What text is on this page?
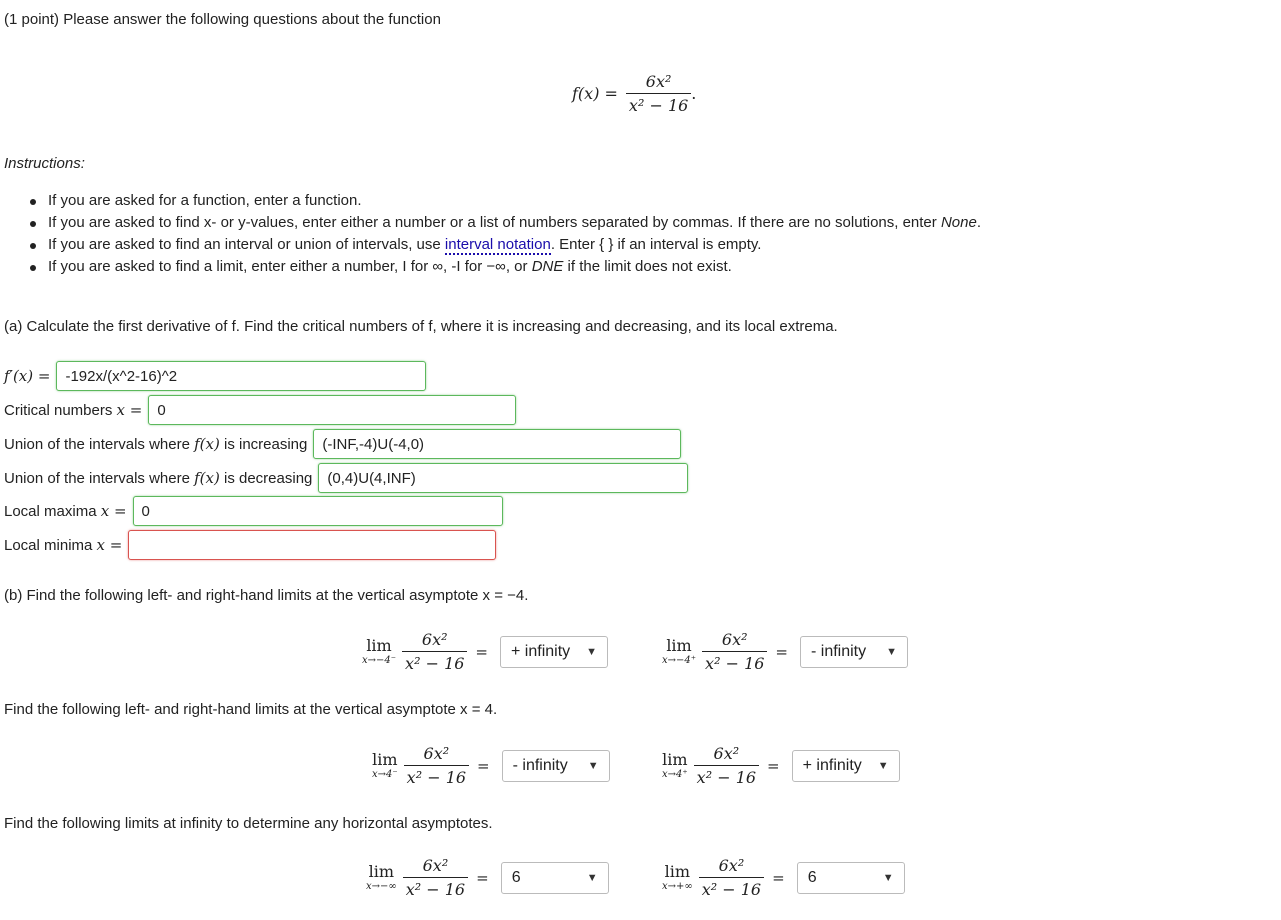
(1 point) Please answer the following questions about the function
$f(x) = \frac{\text{6x²}}{\text{x² − 16}}$ .
Instructions:
If you are asked for a function, enter a function.
If you are asked to find x- or y-values, enter either a number or a list of numbers separated by commas. If there are no solutions, enter None.
If you are asked to find an interval or union of intervals, use interval notation. Enter { } if an interval is empty.
If you are asked to find a limit, enter either a number, I for ∞, -I for −∞, or DNE if the limit does not exist.
(a) Calculate the first derivative of f. Find the critical numbers of f, where it is increasing and decreasing, and its local extrema.
f′(x) =	-192x/(x^2-16)^2
Critical numbers
x =	0
Union of the intervals where
f(x)
is increasing	(-INF,-4)U(-4,0)
Union of the intervals where
f(x)
is decreasing	(0,4)U(4,INF)
Local maxima
x =	0
Local minima
x =
(b) Find the following left- and right-hand limits at the vertical asymptote x = −4.
lim
$x\to-4^- \frac{\text{6x²}}{\text{x² − 16}}$ = + infinity ▼	lim
$x\to-4^+ \frac{\text{6x²}}{\text{x² − 16}}$ = - infinity ▼
Find the following left- and right-hand limits at the vertical asymptote x = 4.
lim
$x\to 4^- \frac{\text{6x²}}{\text{x² − 16}}$ = - infinity ▼	lim
$x\to 4^+ \frac{\text{6x²}}{\text{x² − 16}}$ = + infinity ▼
Find the following limits at infinity to determine any horizontal asymptotes.
lim
$x\to-\infty \frac{\text{6x²}}{\text{x² − 16}} = 6$	▼	lim
$x\to+\infty \frac{\text{6x²}}{\text{x² − 16}} = 6$	▼
